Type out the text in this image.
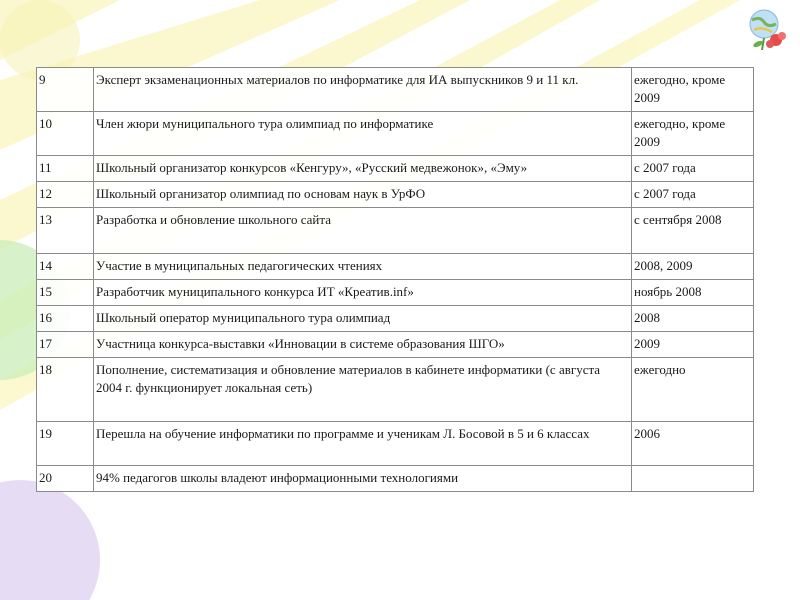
9	Эксперт экзаменационных материалов по информатике для ИА выпускников 9 и 11 кл.	ежегодно, кроме 2009
10	Член жюри муниципального тура олимпиад по информатике	ежегодно, кроме 2009
11	Школьный организатор конкурсов «Кенгуру», «Русский медвежонок», «Эму»	с 2007 года
12	Школьный организатор олимпиад по основам наук в УрФО	с 2007 года
13	Разработка и обновление школьного сайта	с сентября 2008
14	Участие в муниципальных педагогических чтениях	2008, 2009
15	Разработчик муниципального конкурса ИТ «Креатив.inf»	ноябрь 2008
16	Школьный оператор муниципального тура олимпиад	2008
17	Участница конкурса-выставки «Инновации в системе образования ШГО»	2009
18	Пополнение, систематизация и обновление материалов в кабинете информатики (с августа 2004 г. функционирует локальная сеть)	ежегодно
19	Перешла на обучение информатики по программе и ученикам Л. Босовой в 5 и 6 классах	2006
20	94% педагогов школы владеют информационными технологиями	
